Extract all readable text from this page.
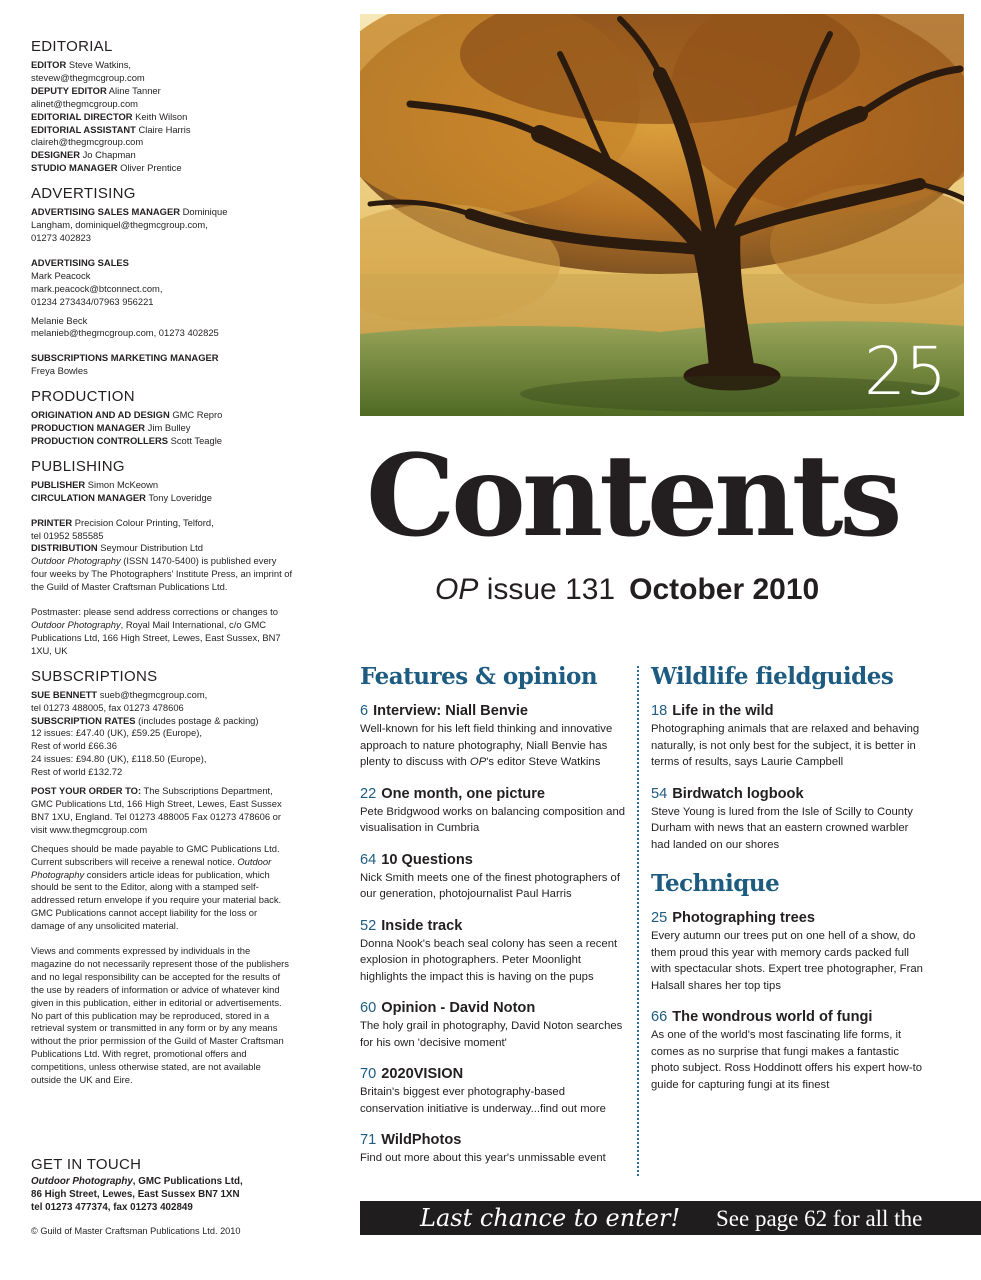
EDITORIAL
EDITOR Steve Watkins,
stevew@thegmcgroup.com
DEPUTY EDITOR Aline Tanner
alinet@thegmcgroup.com
EDITORIAL DIRECTOR Keith Wilson
EDITORIAL ASSISTANT Claire Harris
claireh@thegmcgroup.com
DESIGNER Jo Chapman
STUDIO MANAGER Oliver Prentice
ADVERTISING
ADVERTISING SALES MANAGER Dominique
Langham, dominiquel@thegmcgroup.com,
01273 402823
ADVERTISING SALES
Mark Peacock
mark.peacock@btconnect.com,
01234 273434/07963 956221
Melanie Beck
melanieb@thegmcgroup.com, 01273 402825
SUBSCRIPTIONS MARKETING MANAGER
Freya Bowles
PRODUCTION
ORIGINATION AND AD DESIGN GMC Repro
PRODUCTION MANAGER Jim Bulley
PRODUCTION CONTROLLERS Scott Teagle
PUBLISHING
PUBLISHER Simon McKeown
CIRCULATION MANAGER Tony Loveridge
PRINTER Precision Colour Printing, Telford,
tel 01952 585585
DISTRIBUTION Seymour Distribution Ltd
Outdoor Photography (ISSN 1470-5400) is published every four weeks by The Photographers' Institute Press, an imprint of the Guild of Master Craftsman Publications Ltd.
Postmaster: please send address corrections or changes to Outdoor Photography, Royal Mail International, c/o GMC Publications Ltd, 166 High Street, Lewes, East Sussex, BN7 1XU, UK
SUBSCRIPTIONS
SUE BENNETT sueb@thegmcgroup.com,
tel 01273 488005, fax 01273 478606
SUBSCRIPTION RATES (includes postage & packing)
12 issues: £47.40 (UK), £59.25 (Europe),
Rest of world £66.36
24 issues: £94.80 (UK), £118.50 (Europe),
Rest of world £132.72
POST YOUR ORDER TO: The Subscriptions Department, GMC Publications Ltd, 166 High Street, Lewes, East Sussex BN7 1XU, England. Tel 01273 488005 Fax 01273 478606 or visit www.thegmcgroup.com
Cheques should be made payable to GMC Publications Ltd. Current subscribers will receive a renewal notice. Outdoor Photography considers article ideas for publication, which should be sent to the Editor, along with a stamped self-addressed return envelope if you require your material back. GMC Publications cannot accept liability for the loss or damage of any unsolicited material.
Views and comments expressed by individuals in the magazine do not necessarily represent those of the publishers and no legal responsibility can be accepted for the results of the use by readers of information or advice of whatever kind given in this publication, either in editorial or advertisements. No part of this publication may be reproduced, stored in a retrieval system or transmitted in any form or by any means without the prior permission of the Guild of Master Craftsman Publications Ltd. With regret, promotional offers and competitions, unless otherwise stated, are not available outside the UK and Eire.
GET IN TOUCH
Outdoor Photography, GMC Publications Ltd,
86 High Street, Lewes, East Sussex BN7 1XN
tel 01273 477374, fax 01273 402849
© Guild of Master Craftsman Publications Ltd. 2010
25
Contents
OP issue 131 October 2010
Features & opinion
6 Interview: Niall Benvie
Well-known for his left field thinking and innovative approach to nature photography, Niall Benvie has plenty to discuss with OP's editor Steve Watkins
22 One month, one picture
Pete Bridgwood works on balancing composition and visualisation in Cumbria
64 10 Questions
Nick Smith meets one of the finest photographers of our generation, photojournalist Paul Harris
52 Inside track
Donna Nook's beach seal colony has seen a recent explosion in photographers. Peter Moonlight highlights the impact this is having on the pups
60 Opinion - David Noton
The holy grail in photography, David Noton searches for his own 'decisive moment'
70 2020VISION
Britain's biggest ever photography-based conservation initiative is underway...find out more
71 WildPhotos
Find out more about this year's unmissable event
Wildlife fieldguides
18 Life in the wild
Photographing animals that are relaxed and behaving naturally, is not only best for the subject, it is better in terms of results, says Laurie Campbell
54 Birdwatch logbook
Steve Young is lured from the Isle of Scilly to County Durham with news that an eastern crowned warbler had landed on our shores
Technique
25 Photographing trees
Every autumn our trees put on one hell of a show, do them proud this year with memory cards packed full with spectacular shots. Expert tree photographer, Fran Halsall shares her top tips
66 The wondrous world of fungi
As one of the world's most fascinating life forms, it comes as no surprise that fungi makes a fantastic photo subject. Ross Hoddinott offers his expert how-to guide for capturing fungi at its finest
Last chance to enter! See page 62 for all the
